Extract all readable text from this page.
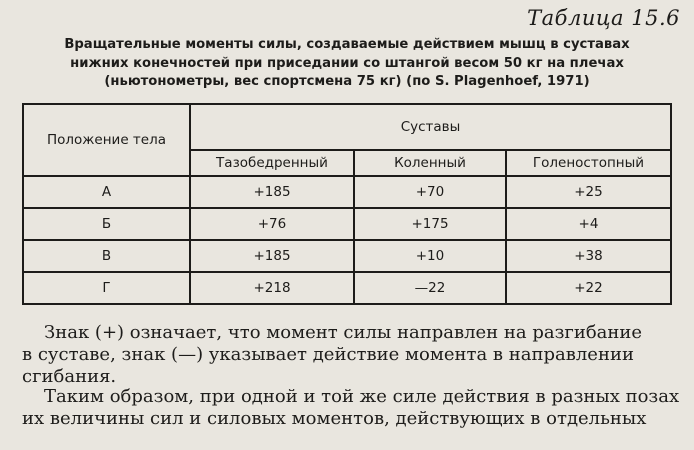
Таблица 15.6
Вращательные моменты силы, создаваемые действием мышц в суставах
нижних конечностей при приседании со штангой весом 50 кг на плечах
(ньютонометры, вес спортсмена 75 кг) (по S. Plagenhoef, 1971)
Положение тела	Суставы		
	Тазобедренный	Коленный	Голеностопный
А	+185	+70	+25
Б	+76	+175	+4
В	+185	+10	+38
Г	+218	—22	+22
Знак (+) означает, что момент силы направлен на разгибание
в суставе, знак (—) указывает действие момента в направлении
сгибания.
Таким образом, при одной и той же силе действия в разных позах
их величины сил и силовых моментов, действующих в отдельных
